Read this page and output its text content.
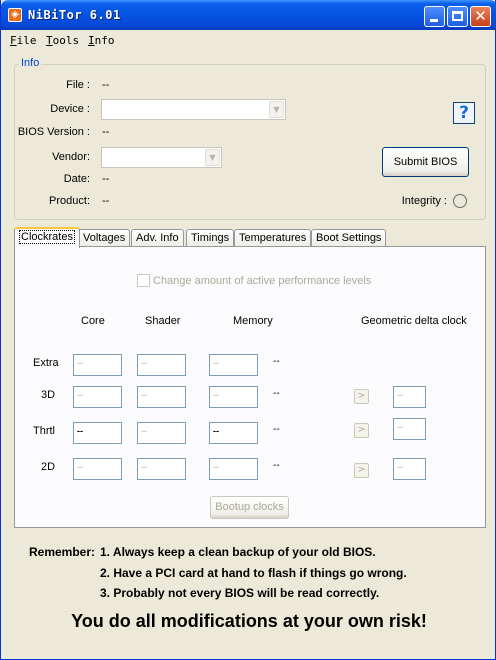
◈ NiBiTor 6.01	✕
File Tools Info
Info
File : --
Device :	▼
BIOS Version : --
Vendor:	▼
Date: --
Product: --
?
Submit BIOS
Integrity :
Clockrates Voltages Adv. Info	Timings Temperatures Boot Settings
Change amount of active performance levels
Core	Shader	Memory	Geometric delta clock
Extra	--	--	--	--
3D	--	--	--	--	>	--
Thrtl	--	--	--	--	>	--
2D	--	--	--	--	>	--
Bootup clocks
Remember: 1. Always keep a clean backup of your old BIOS.
2. Have a PCI card at hand to flash if things go wrong.
3. Probably not every BIOS will be read correctly.
You do all modifications at your own risk!
